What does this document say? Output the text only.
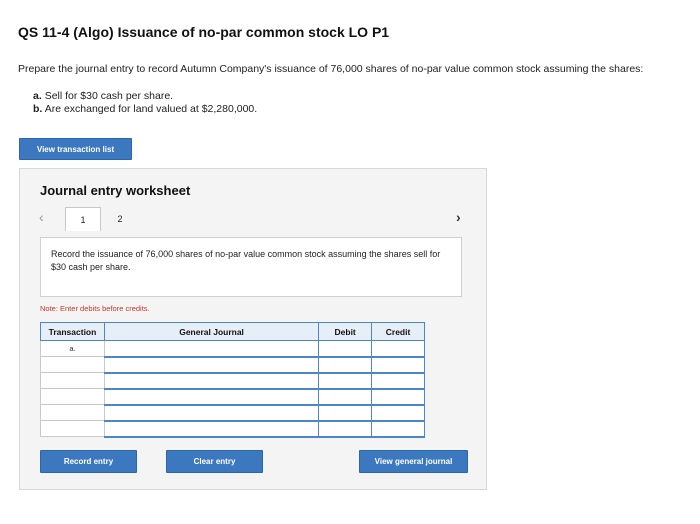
QS 11-4 (Algo) Issuance of no-par common stock LO P1
Prepare the journal entry to record Autumn Company's issuance of 76,000 shares of no-par value common stock assuming the shares:
a. Sell for $30 cash per share.
b. Are exchanged for land valued at $2,280,000.
View transaction list
Journal entry worksheet
‹	1	2	›
Record the issuance of 76,000 shares of no-par value common stock assuming the shares sell for $30 cash per share.
Note: Enter debits before credits.
Transaction	General Journal	Debit	Credit
a.			

Record entry	Clear entry	View general journal
